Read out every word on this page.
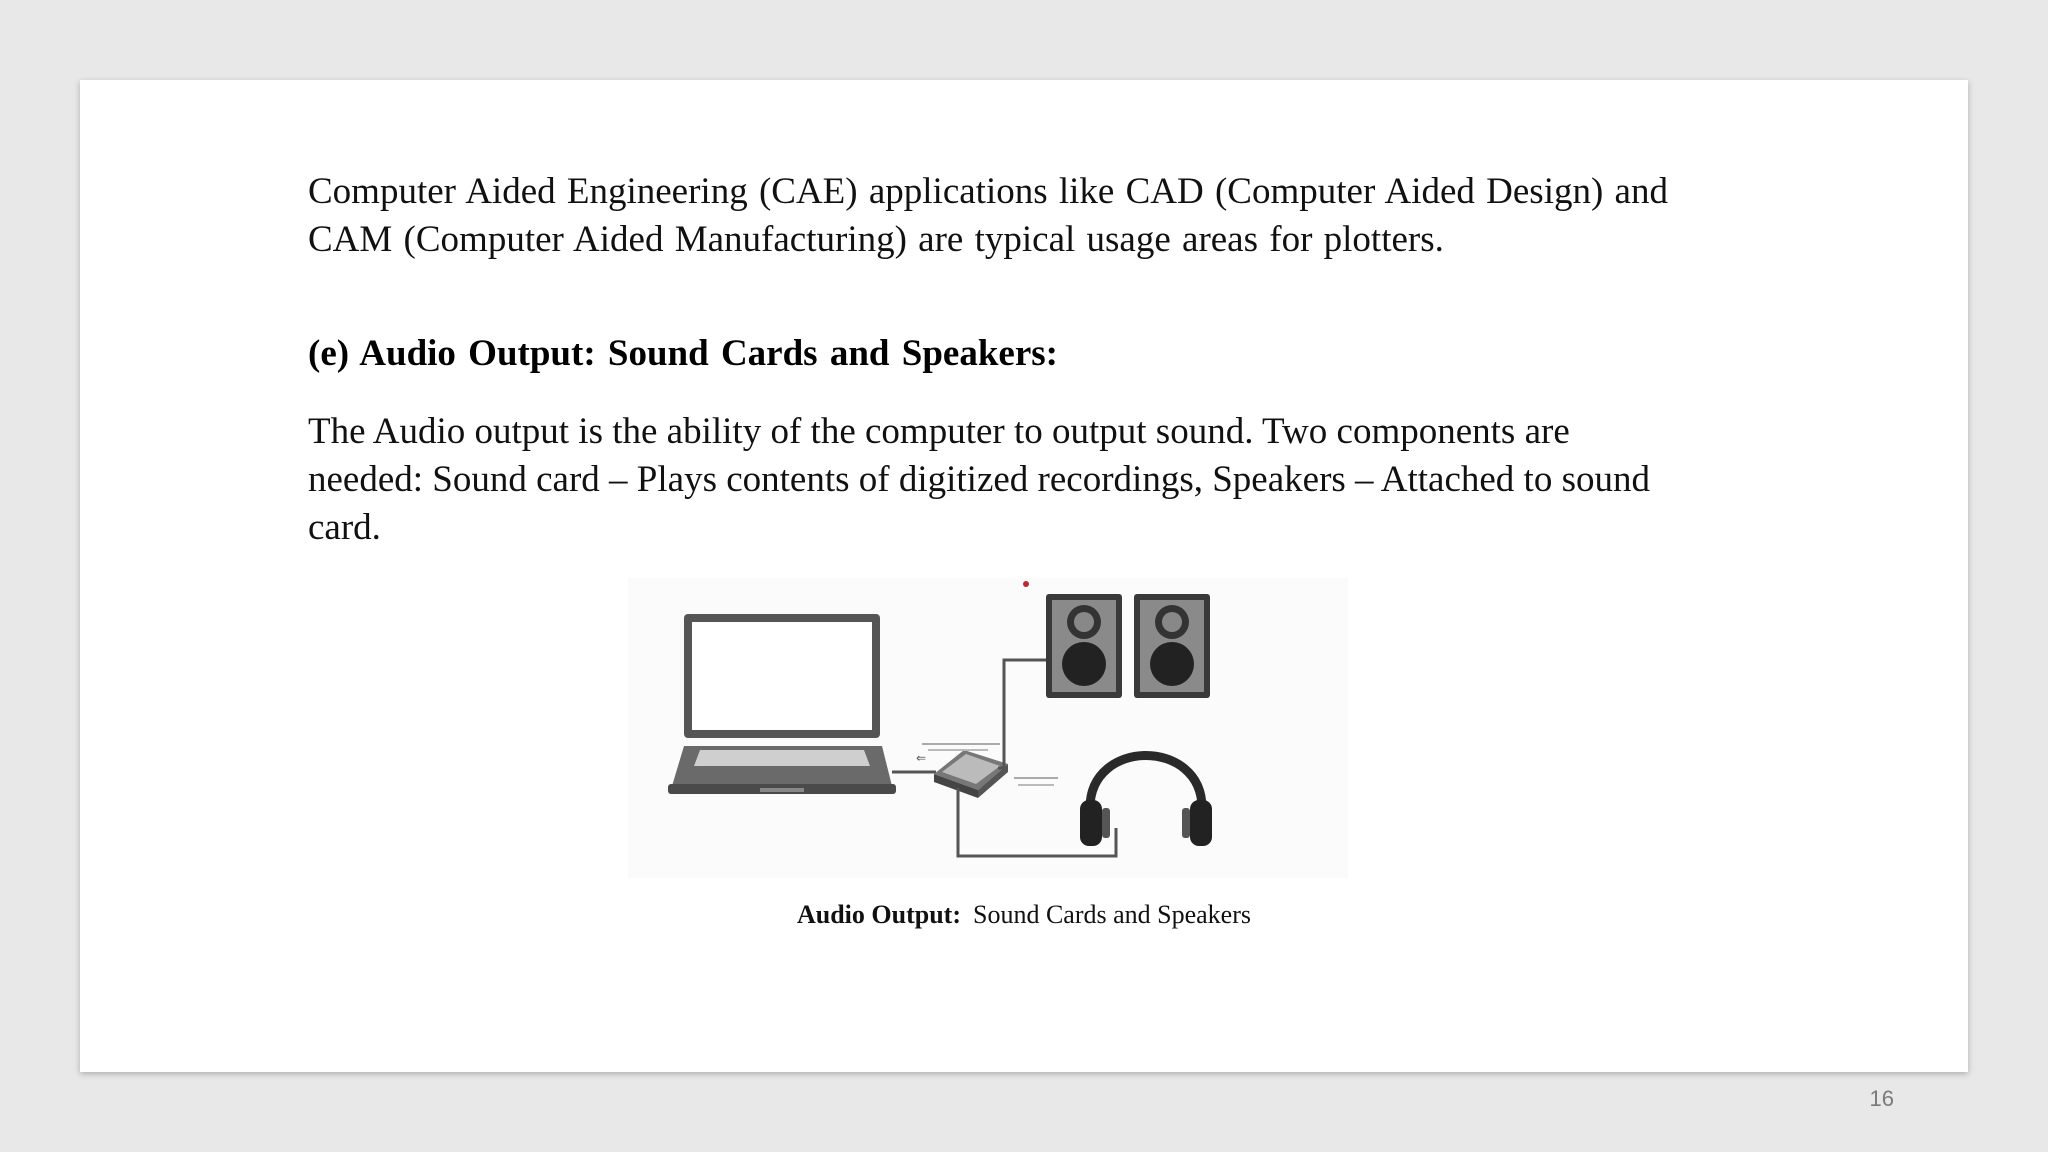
Computer Aided Engineering (CAE) applications like CAD (Computer Aided Design) and CAM (Computer Aided Manufacturing) are typical usage areas for plotters.
(e) Audio Output: Sound Cards and Speakers:
The Audio output is the ability of the computer to output sound. Two components are needed: Sound card – Plays contents of digitized recordings, Speakers – Attached to sound card.
⇐
Audio Output: Sound Cards and Speakers
16
